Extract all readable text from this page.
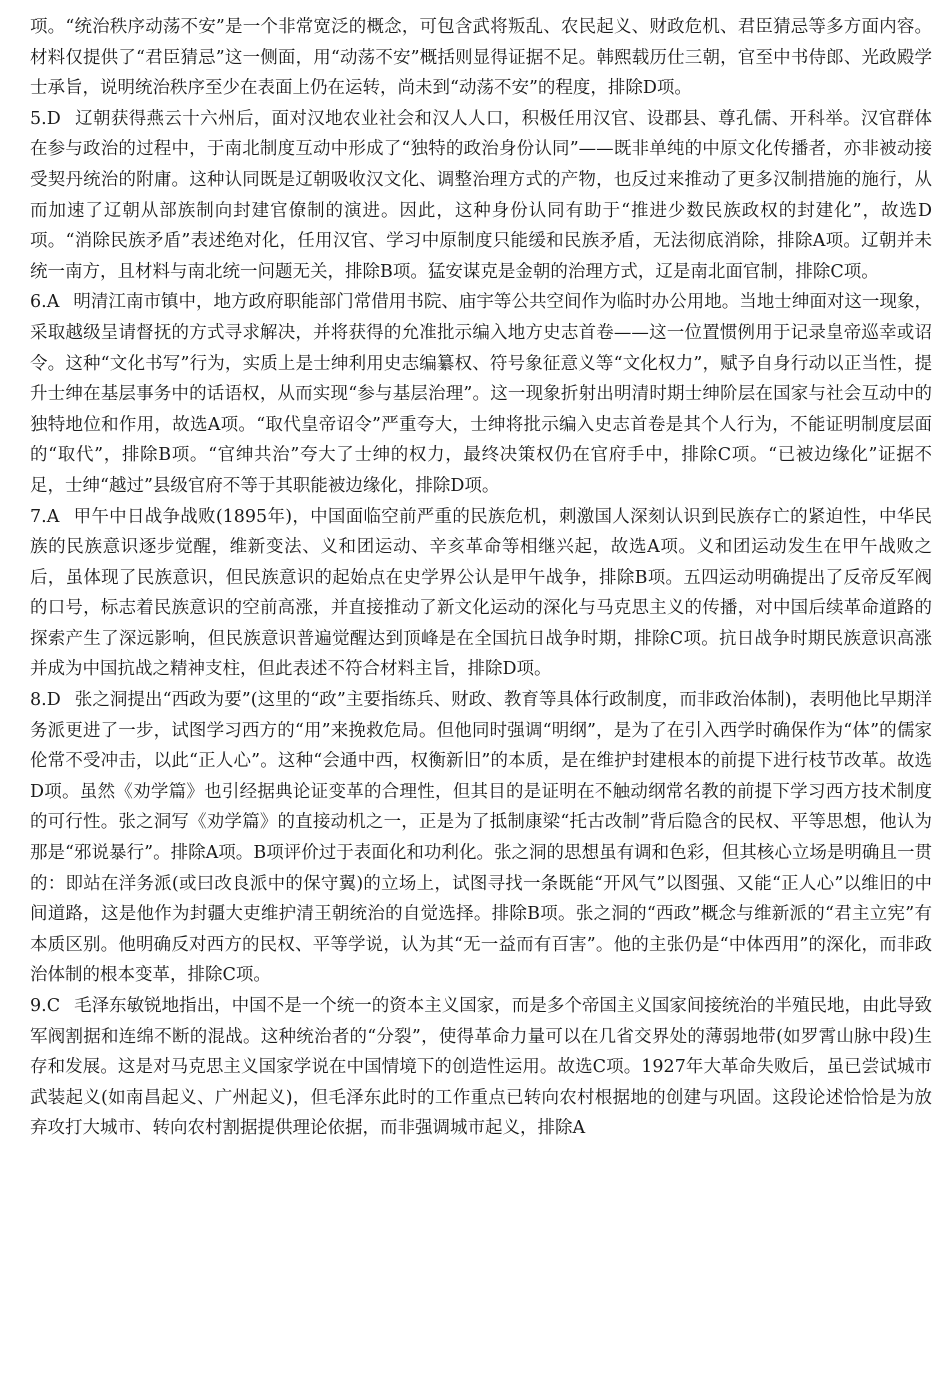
项。“统治秩序动荡不安”是一个非常宽泛的概念，可包含武将叛乱、农民起义、财政危机、君臣猜忌等多方面内容。材料仅提供了“君臣猜忌”这一侧面，用“动荡不安”概括则显得证据不足。韩熙载历仕三朝，官至中书侍郎、光政殿学士承旨，说明统治秩序至少在表面上仍在运转，尚未到“动荡不安”的程度，排除D项。

5.D 辽朝获得燕云十六州后，面对汉地农业社会和汉人人口，积极任用汉官、设郡县、尊孔儒、开科举。汉官群体在参与政治的过程中，于南北制度互动中形成了“独特的政治身份认同”——既非单纯的中原文化传播者，亦非被动接受契丹统治的附庸。这种认同既是辽朝吸收汉文化、调整治理方式的产物，也反过来推动了更多汉制措施的施行，从而加速了辽朝从部族制向封建官僚制的演进。因此，这种身份认同有助于“推进少数民族政权的封建化”，故选D项。“消除民族矛盾”表述绝对化，任用汉官、学习中原制度只能缓和民族矛盾，无法彻底消除，排除A项。辽朝并未统一南方，且材料与南北统一问题无关，排除B项。猛安谋克是金朝的治理方式，辽是南北面官制，排除C项。

6.A 明清江南市镇中，地方政府职能部门常借用书院、庙宇等公共空间作为临时办公用地。当地士绅面对这一现象，采取越级呈请督抚的方式寻求解决，并将获得的允准批示编入地方史志首卷——这一位置惯例用于记录皇帝巡幸或诏令。这种“文化书写”行为，实质上是士绅利用史志编纂权、符号象征意义等“文化权力”，赋予自身行动以正当性，提升士绅在基层事务中的话语权，从而实现“参与基层治理”。这一现象折射出明清时期士绅阶层在国家与社会互动中的独特地位和作用，故选A项。“取代皇帝诏令”严重夸大，士绅将批示编入史志首卷是其个人行为，不能证明制度层面的“取代”，排除B项。“官绅共治”夸大了士绅的权力，最终决策权仍在官府手中，排除C项。“已被边缘化”证据不足，士绅“越过”县级官府不等于其职能被边缘化，排除D项。

7.A 甲午中日战争战败(1895年)，中国面临空前严重的民族危机，刺激国人深刻认识到民族存亡的紧迫性，中华民族的民族意识逐步觉醒，维新变法、义和团运动、辛亥革命等相继兴起，故选A项。义和团运动发生在甲午战败之后，虽体现了民族意识，但民族意识的起始点在史学界公认是甲午战争，排除B项。五四运动明确提出了反帝反军阀的口号，标志着民族意识的空前高涨，并直接推动了新文化运动的深化与马克思主义的传播，对中国后续革命道路的探索产生了深远影响，但民族意识普遍觉醒达到顶峰是在全国抗日战争时期，排除C项。抗日战争时期民族意识高涨并成为中国抗战之精神支柱，但此表述不符合材料主旨，排除D项。

8.D 张之洞提出“西政为要”(这里的“政”主要指练兵、财政、教育等具体行政制度，而非政治体制)，表明他比早期洋务派更进了一步，试图学习西方的“用”来挽救危局。但他同时强调“明纲”，是为了在引入西学时确保作为“体”的儒家伦常不受冲击，以此“正人心”。这种“会通中西，权衡新旧”的本质，是在维护封建根本的前提下进行枝节改革。故选D项。虽然《劝学篇》也引经据典论证变革的合理性，但其目的是证明在不触动纲常名教的前提下学习西方技术制度的可行性。张之洞写《劝学篇》的直接动机之一，正是为了抵制康梁“托古改制”背后隐含的民权、平等思想，他认为那是“邪说暴行”。排除A项。B项评价过于表面化和功利化。张之洞的思想虽有调和色彩，但其核心立场是明确且一贯的：即站在洋务派(或曰改良派中的保守翼)的立场上，试图寻找一条既能“开风气”以图强、又能“正人心”以维旧的中间道路，这是他作为封疆大吏维护清王朝统治的自觉选择。排除B项。张之洞的“西政”概念与维新派的“君主立宪”有本质区别。他明确反对西方的民权、平等学说，认为其“无一益而有百害”。他的主张仍是“中体西用”的深化，而非政治体制的根本变革，排除C项。

9.C 毛泽东敏锐地指出，中国不是一个统一的资本主义国家，而是多个帝国主义国家间接统治的半殖民地，由此导致军阀割据和连绵不断的混战。这种统治者的“分裂”，使得革命力量可以在几省交界处的薄弱地带(如罗霄山脉中段)生存和发展。这是对马克思主义国家学说在中国情境下的创造性运用。故选C项。1927年大革命失败后，虽已尝试城市武装起义(如南昌起义、广州起义)，但毛泽东此时的工作重点已转向农村根据地的创建与巩固。这段论述恰恰是为放弃攻打大城市、转向农村割据提供理论依据，而非强调城市起义，排除A
